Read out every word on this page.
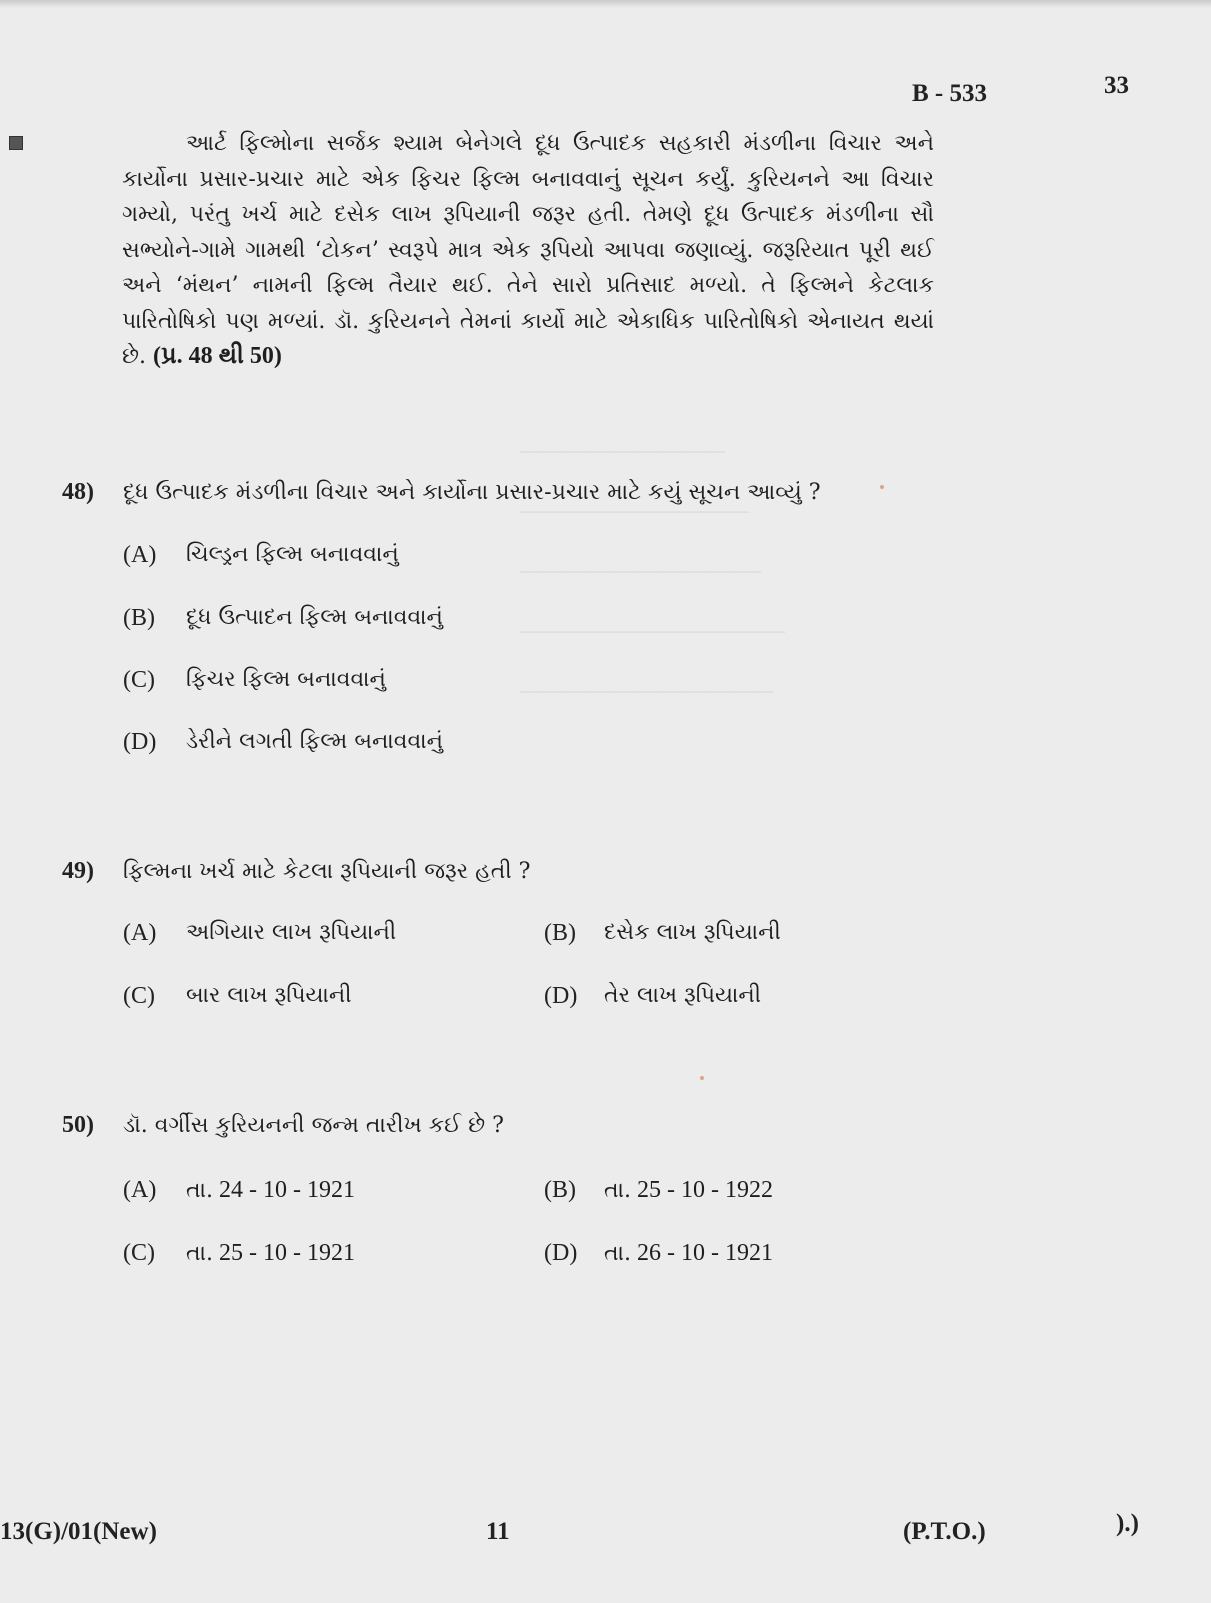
─────────────────
───────────────────
────────────────────
──────────────────────
─────────────────────
B - 533	33

આર્ટ ફિલ્મોના સર્જક શ્યામ બેનેગલે દૂધ ઉત્પાદક સહકારી મંડળીના વિચાર અને કાર્યોના પ્રસાર-પ્રચાર માટે એક ફિચર ફિલ્મ બનાવવાનું સૂચન કર્યું. કુરિયનને આ વિચાર ગમ્યો, પરંતુ ખર્ચ માટે દસેક લાખ રૂપિયાની જરૂર હતી. તેમણે દૂધ ઉત્પાદક મંડળીના સૌ સભ્યોને-ગામે ગામથી ‘ટોકન’ સ્વરૂપે માત્ર એક રૂપિયો આપવા જણાવ્યું. જરૂરિયાત પૂરી થઈ અને ‘મંથન’ નામની ફિલ્મ તૈયાર થઈ. તેને સારો પ્રતિસાદ મળ્યો. તે ફિલ્મને કેટલાક પારિતોષિકો પણ મળ્યાં. ડૉ. કુરિયનને તેમનાં કાર્યો માટે એકાધિક પારિતોષિકો એનાયત થયાં છે. (પ્ર. 48 થી 50)

48) દૂધ ઉત્પાદક મંડળીના વિચાર અને કાર્યોના પ્રસાર-પ્રચાર માટે કયું સૂચન આવ્યું ?
(A) ચિલ્ડ્રન ફિલ્મ બનાવવાનું
(B) દૂધ ઉત્પાદન ફિલ્મ બનાવવાનું
(C) ફિચર ફિલ્મ બનાવવાનું
(D) ડેરીને લગતી ફિલ્મ બનાવવાનું
49) ફિલ્મના ખર્ચ માટે કેટલા રૂપિયાની જરૂર હતી ?
(A) અગિયાર લાખ રૂપિયાની	(B) દસેક લાખ રૂપિયાની
(C) બાર લાખ રૂપિયાની	(D) તેર લાખ રૂપિયાની
50) ડૉ. વર્ગીસ કુરિયનની જન્મ તારીખ કઈ છે ?
(A) તા. 24 - 10 - 1921	(B) તા. 25 - 10 - 1922
(C) તા. 25 - 10 - 1921	(D) તા. 26 - 10 - 1921
13(G)/01(New)	11	(P.T.O.)	).)
